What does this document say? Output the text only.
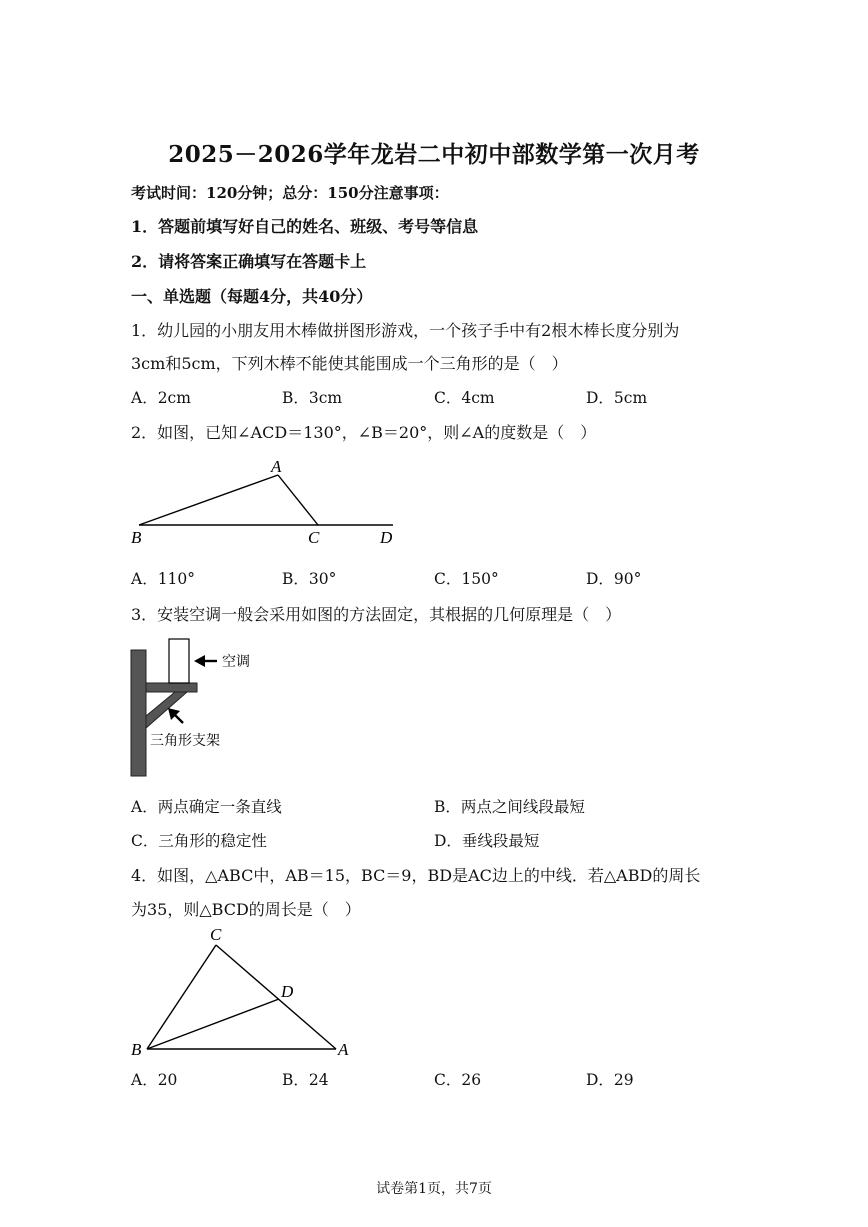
2025－2026学年龙岩二中初中部数学第一次月考
考试时间：120分钟；总分：150分注意事项：
1．答题前填写好自己的姓名、班级、考号等信息
2．请将答案正确填写在答题卡上
一、单选题（每题4分，共40分）
1．幼儿园的小朋友用木棒做拼图形游戏，一个孩子手中有2根木棒长度分别为
3cm和5cm，下列木棒不能使其能围成一个三角形的是（　）
A．2cm	B．3cm	C．4cm	D．5cm
2．如图，已知∠ACD＝130°，∠B＝20°，则∠A的度数是（　）
A
B	C	D
A．110°	B．30°	C．150°	D．90°
3．安装空调一般会采用如图的方法固定，其根据的几何原理是（　）
空调
三角形支架
A．两点确定一条直线	B．两点之间线段最短
C．三角形的稳定性	D．垂线段最短
4．如图，△ABC中，AB＝15，BC＝9，BD是AC边上的中线．若△ABD的周长
为35，则△BCD的周长是（　）
C
D
B	A
A．20	B．24	C．26	D．29
试卷第1页，共7页
